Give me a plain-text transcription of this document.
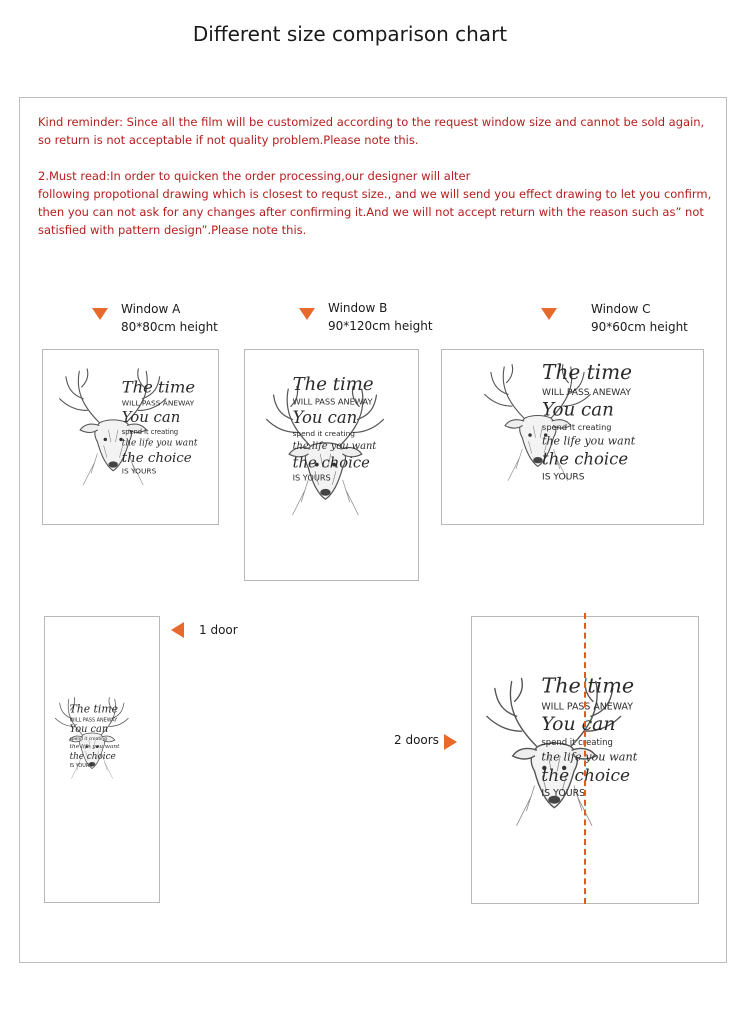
Different size comparison chart
Kind reminder: Since all the film will be customized according to the request window size and cannot be sold again,
so return is not acceptable if not quality problem.Please note this.
2.Must read:In order to quicken the order processing,our designer will alter
following propotional drawing which is closest to requst size., and we will send you effect drawing to let you confirm,
then you can not ask for any changes after confirming it.And we will not accept return with the reason such as” not
satisfied with pattern design”.Please note this.
Window A
80*80cm height
Window B
90*120cm height
Window C
90*60cm height
The time
WILL PASS ANEWAY
You can
spend it creating
the life you want
the choice
IS YOURS
The time
WILL PASS ANEWAY
You can
spend it creating
the life you want
the choice
IS YOURS
The time
WILL PASS ANEWAY
You can
spend it creating
the life you want
the choice
IS YOURS
The time
WILL PASS ANEWAY
You can
spend it creating
the life you want
the choice
IS YOURS
1 door
2 doors
The time
WILL PASS ANEWAY
You can
spend it creating
the life you want
the choice
IS YOURS
